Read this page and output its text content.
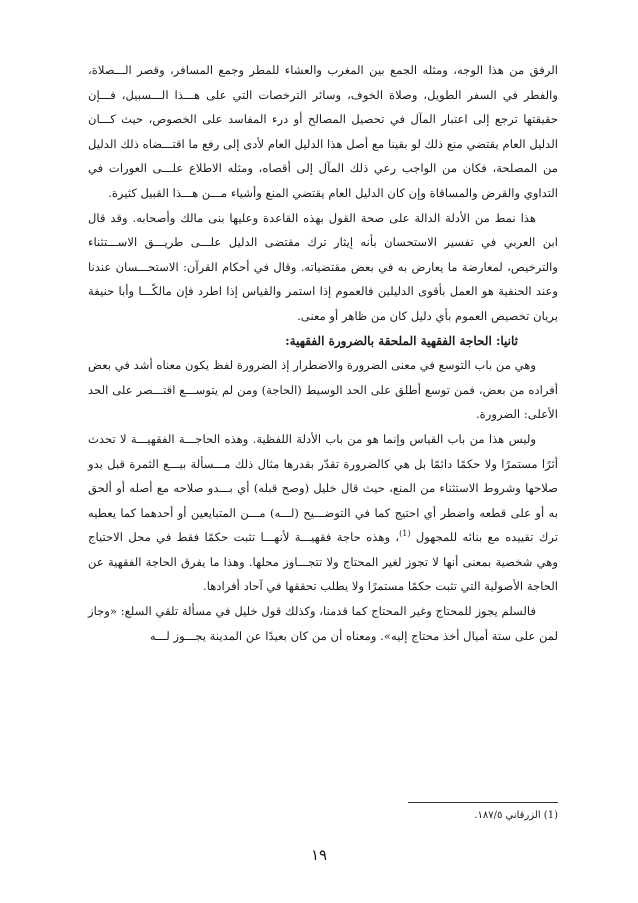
الرفق من هذا الوجه، ومثله الجمع بين المغرب والعشاء للمطر وجمع المسافر، وقصر الـــصلاة، والفطر في السفر الطويل، وصلاة الخوف، وسائر الترخصات التي على هـــذا الـــسبيل، فـــإن حقيقتها ترجع إلى اعتبار المآل في تحصيل المصالح أو درء المفاسد على الخصوص، حيث كـــان الدليل العام يقتضي منع ذلك لو بقينا مع أصل هذا الدليل العام لأدى إلى رفع ما اقتـــضاه ذلك الدليل من المصلحة، فكان من الواجب رعي ذلك المآل إلى أقصاه، ومثله الاطلاع علـــى العورات في التداوي والقرض والمساقاة وإن كان الدليل العام يقتضي المنع وأشياء مـــن هـــذا القبيل كثيرة.

هذا نمط من الأدلة الدالة على صحة القول بهذه القاعدة وعليها بنى مالك وأصحابه. وقد قال ابن العربي في تفسير الاستحسان بأنه إيثار ترك مقتضى الدليل علـــى طريـــق الاســـتثناء والترخيص، لمعارضة ما يعارض به في بعض مقتضياته. وقال في أحكام القرآن: الاستحـــسان عندنا وعند الحنفية هو العمل بأقوى الدليلين فالعموم إذا استمر والقياس إذا اطرد فإن مالكًـــا وأبا حنيفة يريان تخصيص العموم بأي دليل كان من ظاهر أو معنى.

ثانيا: الحاجة الفقهية الملحقة بالضرورة الفقهية:

وهي من باب التوسع في معنى الضرورة والاضطرار إذ الضرورة لفظ يكون معناه أشد في بعض أفراده من بعض، فمن توسع أطلق على الحد الوسيط (الحاجة) ومن لم يتوســـع اقتـــصر على الحد الأعلى: الضرورة.

وليس هذا من باب القياس وإنما هو من باب الأدلة اللفظية. وهذه الحاجـــة الفقهيـــة لا تحدث أثرًا مستمرًا ولا حكمًا دائمًا بل هي كالضرورة تقدّر بقدرها مثال ذلك مـــسألة بيـــع الثمرة قبل بدو صلاحها وشروط الاستثناء من المنع، حيث قال خليل (وصح قبله) أي بـــدو صلاحه مع أصله أو ألحق به أو على قطعه واضطر أي احتيج كما في التوضـــيح (لـــه) مـــن المتبايعين أو أحدهما كما يعطيه ترك تقييده مع بنائه للمجهول $^{(1)}$، وهذه حاجة فقهيـــة لأنهـــا تثبت حكمًا فقط في محل الاحتياج وهي شخصية بمعنى أنها لا تجوز لغير المحتاج ولا تتجـــاوز محلها. وهذا ما يفرق الحاجة الفقهية عن الحاجة الأصولية التي تثبت حكمًا مستمرًا ولا يطلب تحققها في آحاد أفرادها.

فالسلم يجوز للمحتاج وغير المحتاج كما قدمنا، وكذلك قول خليل في مسألة تلقي السلع: «وجاز لمن على ستة أميال أخذ محتاج إليه». ومعناه أن من كان بعيدًا عن المدينة يجـــوز لـــه

(1) الزرقاني ١٨٧/٥.
١٩
